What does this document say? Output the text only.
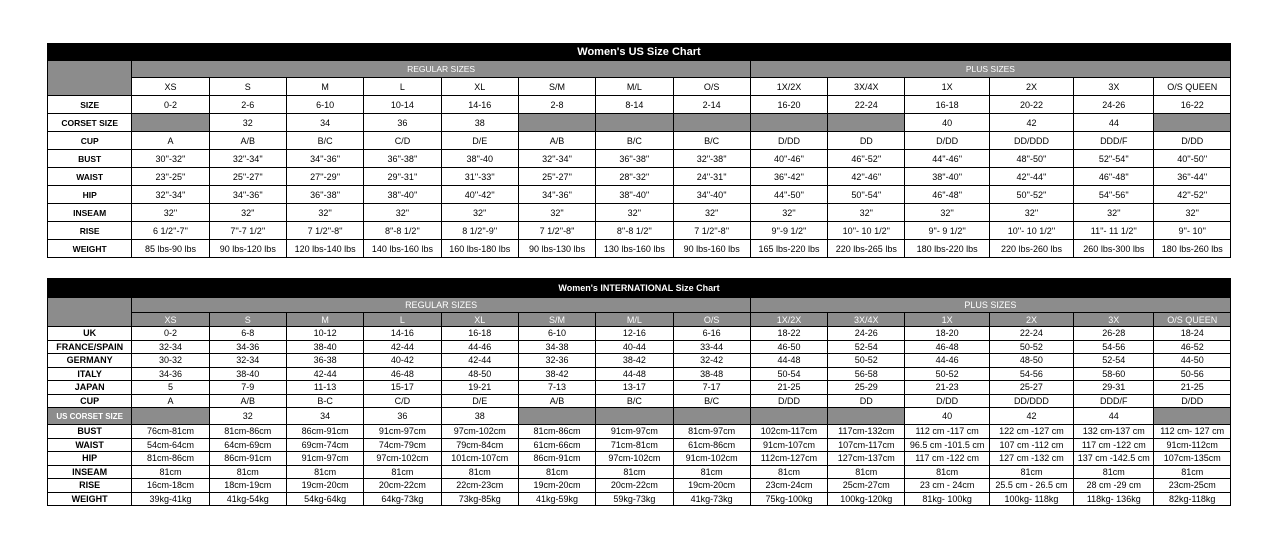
Women's US Size Chart														
	REGULAR SIZES								PLUS SIZES					
	XS	S	M	L	XL	S/M	M/L	O/S	1X/2X	3X/4X	1X	2X	3X	O/S QUEEN
SIZE	0-2	2-6	6-10	10-14	14-16	2-8	8-14	2-14	16-20	22-24	16-18	20-22	24-26	16-22
CORSET SIZE		32	34	36	38						40	42	44	
CUP	A	A/B	B/C	C/D	D/E	A/B	B/C	B/C	D/DD	DD	D/DD	DD/DDD	DDD/F	D/DD
BUST	30''-32''	32''-34''	34''-36''	36''-38''	38''-40	32''-34''	36''-38''	32''-38''	40''-46''	46''-52''	44''-46''	48''-50''	52''-54''	40''-50''
WAIST	23''-25''	25''-27''	27''-29''	29''-31''	31''-33''	25''-27''	28''-32''	24''-31''	36''-42''	42''-46''	38''-40''	42''-44''	46''-48''	36''-44''
HIP	32''-34''	34''-36''	36''-38''	38''-40''	40''-42''	34''-36''	38''-40''	34''-40''	44''-50''	50''-54''	46''-48''	50''-52''	54''-56''	42''-52''
INSEAM	32''	32''	32''	32''	32''	32''	32''	32''	32''	32''	32''	32''	32''	32''
RISE	6 1/2''-7''	7''-7 1/2''	7 1/2''-8''	8''-8 1/2''	8 1/2''-9''	7 1/2''-8''	8''-8 1/2''	7 1/2''-8''	9''-9 1/2''	10''- 10 1/2''	9''- 9 1/2''	10''- 10 1/2''	11''- 11 1/2''	9''- 10''
WEIGHT	85 lbs-90 lbs	90 lbs-120 lbs	120 lbs-140 lbs	140 lbs-160 lbs	160 lbs-180 lbs	90 lbs-130 lbs	130 lbs-160 lbs	90 lbs-160 lbs	165 lbs-220 lbs	220 lbs-265 lbs	180 lbs-220 lbs	220 lbs-260 lbs	260 lbs-300 lbs	180 lbs-260 lbs
Women's INTERNATIONAL Size Chart														
	REGULAR SIZES								PLUS SIZES					
	XS	S	M	L	XL	S/M	M/L	O/S	1X/2X	3X/4X	1X	2X	3X	O/S QUEEN
UK	0-2	6-8	10-12	14-16	16-18	6-10	12-16	6-16	18-22	24-26	18-20	22-24	26-28	18-24
FRANCE/SPAIN	32-34	34-36	38-40	42-44	44-46	34-38	40-44	33-44	46-50	52-54	46-48	50-52	54-56	46-52
GERMANY	30-32	32-34	36-38	40-42	42-44	32-36	38-42	32-42	44-48	50-52	44-46	48-50	52-54	44-50
ITALY	34-36	38-40	42-44	46-48	48-50	38-42	44-48	38-48	50-54	56-58	50-52	54-56	58-60	50-56
JAPAN	5	7-9	11-13	15-17	19-21	7-13	13-17	7-17	21-25	25-29	21-23	25-27	29-31	21-25
CUP	A	A/B	B-C	C/D	D/E	A/B	B/C	B/C	D/DD	DD	D/DD	DD/DDD	DDD/F	D/DD
US CORSET SIZE		32	34	36	38						40	42	44	
BUST	76cm-81cm	81cm-86cm	86cm-91cm	91cm-97cm	97cm-102cm	81cm-86cm	91cm-97cm	81cm-97cm	102cm-117cm	117cm-132cm	112 cm -117 cm	122 cm -127 cm	132 cm-137 cm	112 cm- 127 cm
WAIST	54cm-64cm	64cm-69cm	69cm-74cm	74cm-79cm	79cm-84cm	61cm-66cm	71cm-81cm	61cm-86cm	91cm-107cm	107cm-117cm	96.5 cm -101.5 cm	107 cm -112 cm	117 cm -122 cm	91cm-112cm
HIP	81cm-86cm	86cm-91cm	91cm-97cm	97cm-102cm	101cm-107cm	86cm-91cm	97cm-102cm	91cm-102cm	112cm-127cm	127cm-137cm	117 cm -122 cm	127 cm -132 cm	137 cm -142.5 cm	107cm-135cm
INSEAM	81cm	81cm	81cm	81cm	81cm	81cm	81cm	81cm	81cm	81cm	81cm	81cm	81cm	81cm
RISE	16cm-18cm	18cm-19cm	19cm-20cm	20cm-22cm	22cm-23cm	19cm-20cm	20cm-22cm	19cm-20cm	23cm-24cm	25cm-27cm	23 cm - 24cm	25.5 cm - 26.5 cm	28 cm -29 cm	23cm-25cm
WEIGHT	39kg-41kg	41kg-54kg	54kg-64kg	64kg-73kg	73kg-85kg	41kg-59kg	59kg-73kg	41kg-73kg	75kg-100kg	100kg-120kg	81kg- 100kg	100kg- 118kg	118kg- 136kg	82kg-118kg
